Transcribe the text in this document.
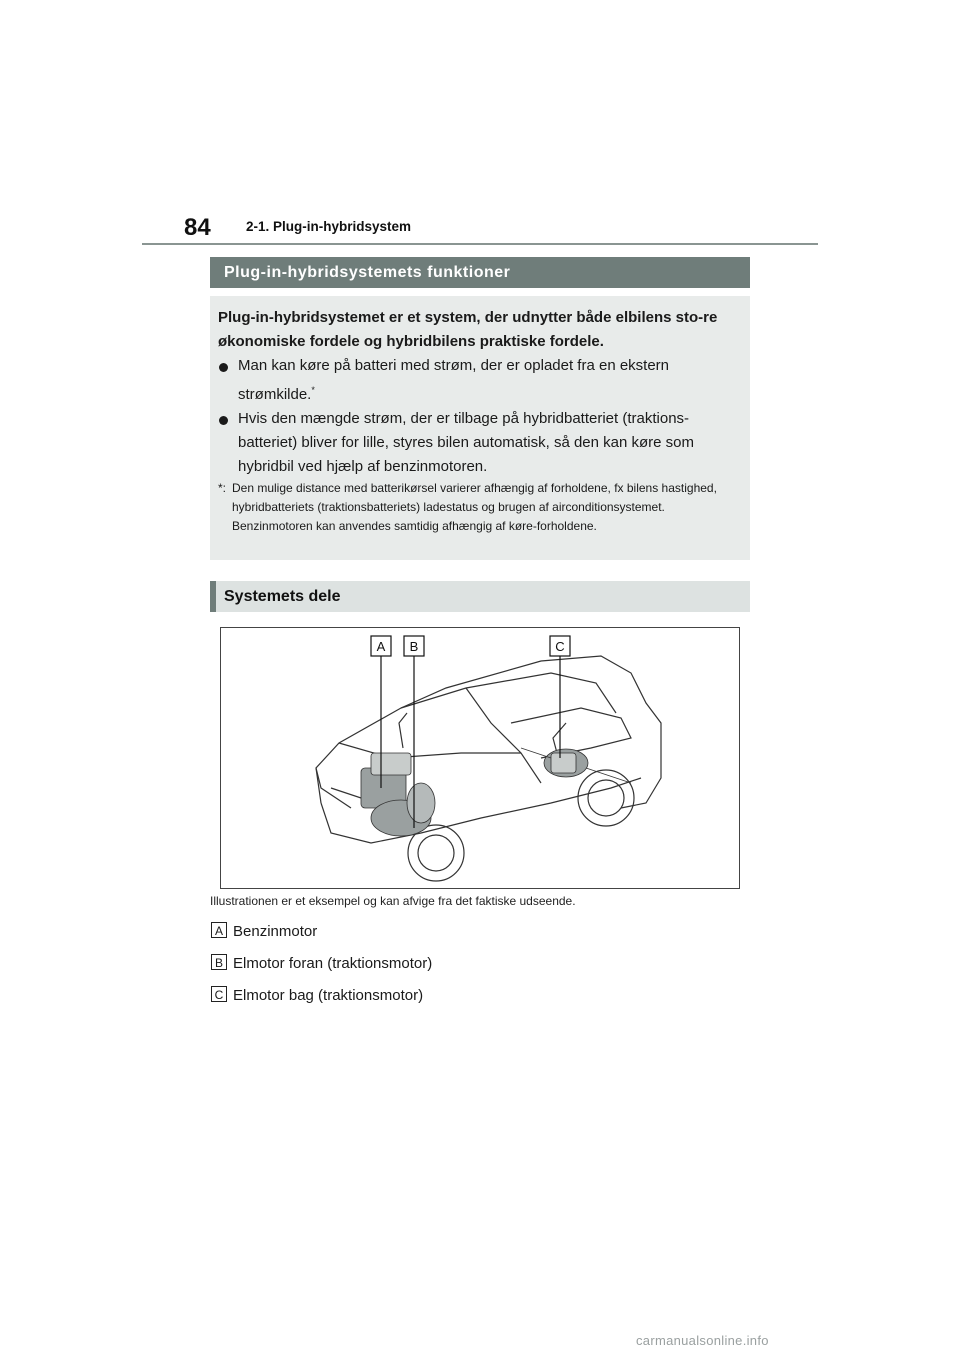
84	2-1. Plug-in-hybridsystem
Plug-in-hybridsystemets funktioner
Plug-in-hybridsystemet er et system, der udnytter både elbilens sto-re økonomiske fordele og hybridbilens praktiske fordele.
Man kan køre på batteri med strøm, der er opladet fra en ekstern strømkilde.*
Hvis den mængde strøm, der er tilbage på hybridbatteriet (traktions-batteriet) bliver for lille, styres bilen automatisk, så den kan køre som hybridbil ved hjælp af benzinmotoren.
*: Den mulige distance med batterikørsel varierer afhængig af forholdene, fx bilens hastighed, hybridbatteriets (traktionsbatteriets) ladestatus og brugen af airconditionsystemet. Benzinmotoren kan anvendes samtidig afhængig af køre-forholdene.
Systemets dele
A B	C
Illustrationen er et eksempel og kan afvige fra det faktiske udseende.
A Benzinmotor
B Elmotor foran (traktionsmotor)
C Elmotor bag (traktionsmotor)
carmanualsonline.info
